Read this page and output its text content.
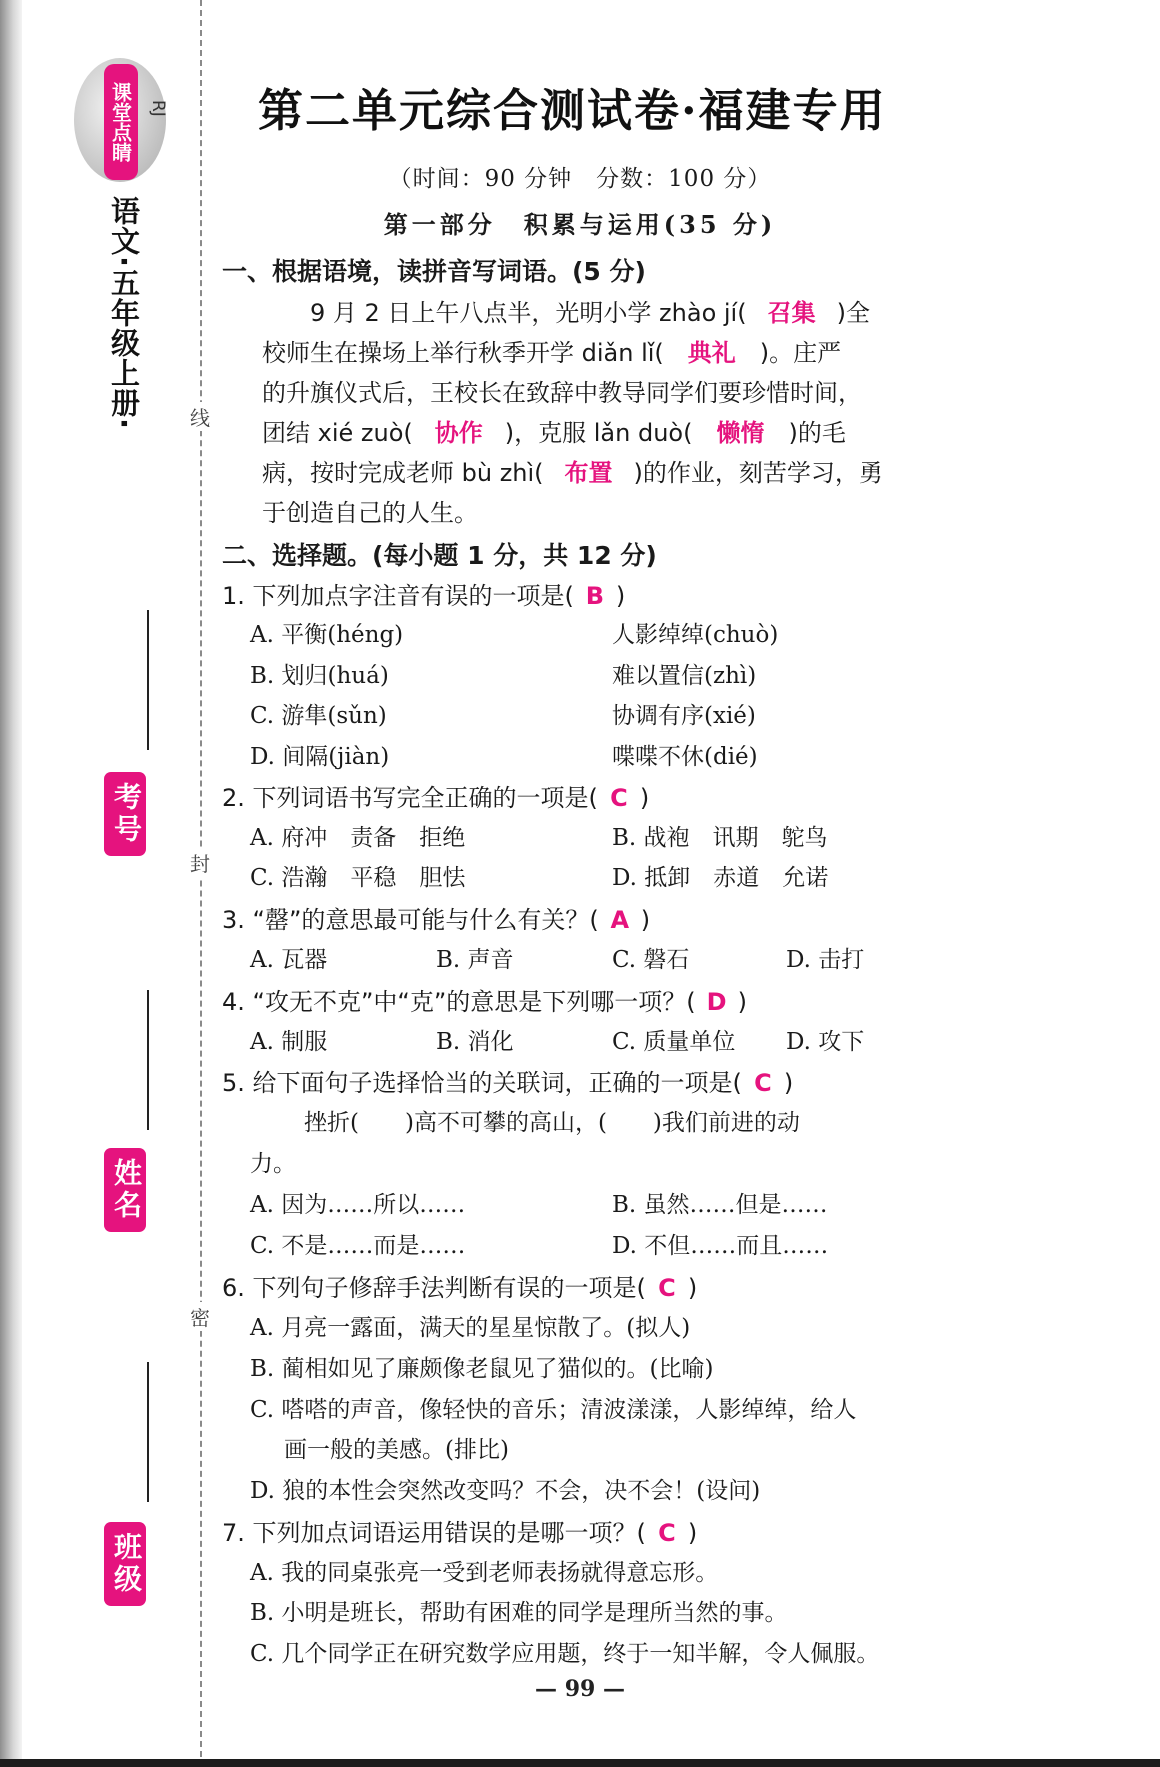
线
封
密
课堂点睛 RJ
语文·五年级上册·
考号
姓名
班级
第二单元综合测试卷·福建专用
（时间：90 分钟　分数：100 分）
第一部分　积累与运用(35 分)
一、根据语境，读拼音写词语。(5 分)
　　9 月 2 日上午八点半，光明小学 zhào jí( 召集 )全
校师生在操场上举行秋季开学 diǎn lǐ( 典礼 )。庄严
的升旗仪式后，王校长在致辞中教导同学们要珍惜时间，
团结 xié zuò( 协作 )，克服 lǎn duò( 懒惰 )的毛
病，按时完成老师 bù zhì( 布置 )的作业，刻苦学习，勇
于创造自己的人生。
二、选择题。(每小题 1 分，共 12 分)
1. 下列加点字注音有误的一项是( B )
A. 平衡(héng)	人影绰绰(chuò)
B. 划归(huá)	难以置信(zhì)
C. 游隼(sǔn)	协调有序(xié)
D. 间隔(jiàn)	喋喋不休(dié)
2. 下列词语书写完全正确的一项是( C )
A. 府冲　责备　拒绝	B. 战袍　讯期　鸵鸟
C. 浩瀚　平稳　胆怯	D. 抵卸　赤道　允诺
3. “罄”的意思最可能与什么有关？( A )
A. 瓦器	B. 声音	C. 磐石	D. 击打
4. “攻无不克”中“克”的意思是下列哪一项？( D )
A. 制服	B. 消化	C. 质量单位 D. 攻下
5. 给下面句子选择恰当的关联词，正确的一项是( C )
挫折(　　)高不可攀的高山，(　　)我们前进的动
力。
A. 因为……所以……	B. 虽然……但是……
C. 不是……而是……	D. 不但……而且……
6. 下列句子修辞手法判断有误的一项是( C )
A. 月亮一露面，满天的星星惊散了。(拟人)
B. 蔺相如见了廉颇像老鼠见了猫似的。(比喻)
C. 嗒嗒的声音，像轻快的音乐；清波漾漾，人影绰绰，给人
画一般的美感。(排比)
D. 狼的本性会突然改变吗？不会，决不会！(设问)
7. 下列加点词语运用错误的是哪一项？( C )
A. 我的同桌张亮一受到老师表扬就得意忘形。
B. 小明是班长，帮助有困难的同学是理所当然的事。
C. 几个同学正在研究数学应用题，终于一知半解，令人佩服。
— 99 —
